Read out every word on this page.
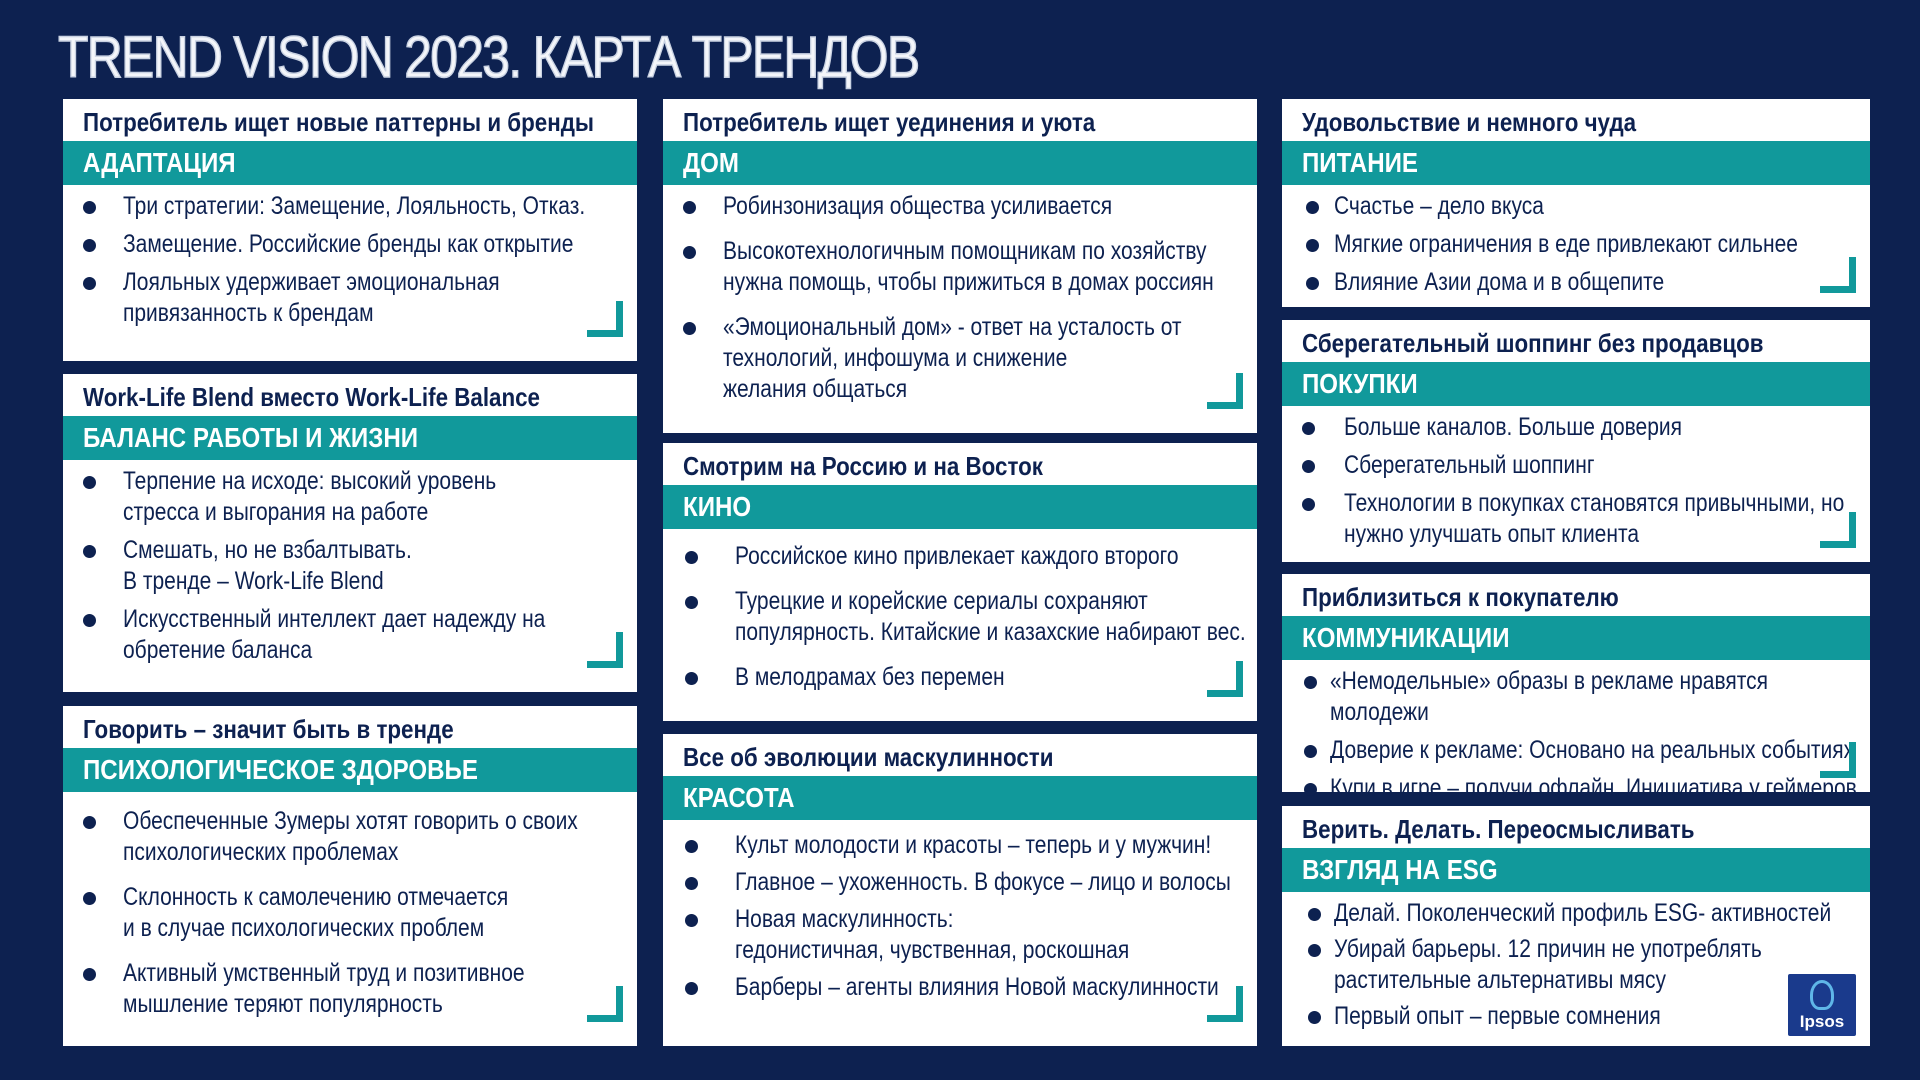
TREND VISION 2023. КАРТА ТРЕНДОВ
Потребитель ищет новые паттерны и бренды
АДАПТАЦИЯ
Три стратегии: Замещение, Лояльность, Отказ.
Замещение. Российские бренды как открытие
Лояльных удерживает эмоциональная
привязанность к брендам
Work-Life Blend вместо Work-Life Balance
БАЛАНС РАБОТЫ И ЖИЗНИ
Терпение на исходе: высокий уровень
стресса и выгорания на работе
Смешать, но не взбалтывать.
В тренде – Work-Life Blend
Искусственный интеллект дает надежду на
обретение баланса
Говорить – значит быть в тренде
ПСИХОЛОГИЧЕСКОЕ ЗДОРОВЬЕ
Обеспеченные Зумеры хотят говорить о своих
психологических проблемах
Склонность к самолечению отмечается
и в случае психологических проблем
Активный умственный труд и позитивное
мышление теряют популярность
Потребитель ищет уединения и уюта
ДОМ
Робинзонизация общества усиливается
Высокотехнологичным помощникам по хозяйству
нужна помощь, чтобы прижиться в домах россиян
«Эмоциональный дом» - ответ на усталость от
технологий, инфошума и снижение
желания общаться
Смотрим на Россию и на Восток
КИНО
Российское кино привлекает каждого второго
Турецкие и корейские сериалы сохраняют
популярность. Китайские и казахские набирают вес.
В мелодрамах без перемен
Все об эволюции маскулинности
КРАСОТА
Культ молодости и красоты – теперь и у мужчин!
Главное – ухоженность. В фокусе – лицо и волосы
Новая маскулинность:
гедонистичная, чувственная, роскошная
Барберы – агенты влияния Новой маскулинности
Удовольствие и немного чуда
ПИТАНИЕ
Счастье – дело вкуса
Мягкие ограничения в еде привлекают сильнее
Влияние Азии дома и в общепите
Сберегательный шоппинг без продавцов
ПОКУПКИ
Больше каналов. Больше доверия
Сберегательный шоппинг
Технологии в покупках становятся привычными, но
нужно улучшать опыт клиента
Приблизиться к покупателю
КОММУНИКАЦИИ
«Немодельные» образы в рекламе нравятся молодежи
Доверие к рекламе: Основано на реальных событиях
Купи в игре – получи офлайн. Инициатива у геймеров
Верить. Делать. Переосмысливать
ВЗГЛЯД НА ESG
Делай. Поколенческий профиль ESG- активностей
Убирай барьеры. 12 причин не употреблять
растительные альтернативы мясу
Первый опыт – первые сомнения	Ipsos
